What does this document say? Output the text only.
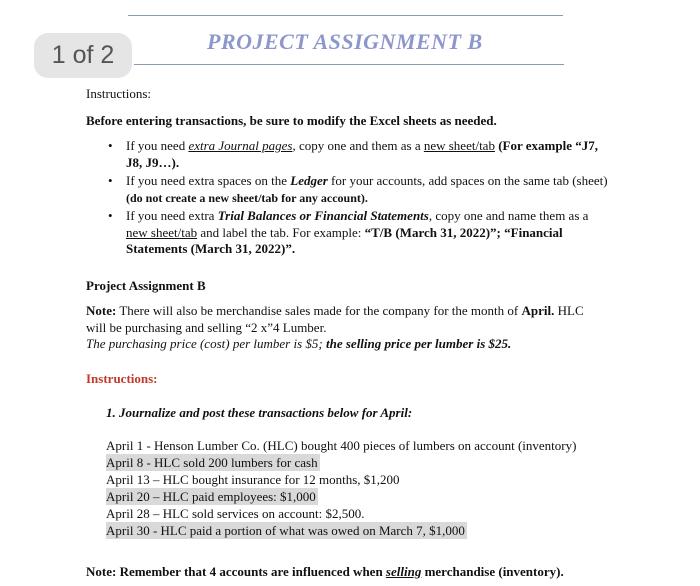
1 of 2	PROJECT ASSIGNMENT B
Instructions:
Before entering transactions, be sure to modify the Excel sheets as needed.
• If you need extra Journal pages, copy one and them as a new sheet/tab (For example “J7, J8, J9…).
• If you need extra spaces on the Ledger for your accounts, add spaces on the same tab (sheet) (do not create a new sheet/tab for any account).
• If you need extra Trial Balances or Financial Statements, copy one and name them as a new sheet/tab and label the tab. For example: “T/B (March 31, 2022)”; “Financial Statements (March 31, 2022)”.
Project Assignment B
Note: There will also be merchandise sales made for the company for the month of April. HLC will be purchasing and selling “2 x”4 Lumber.
The purchasing price (cost) per lumber is $5; the selling price per lumber is $25.
Instructions:
1. Journalize and post these transactions below for April:
April 1 - Henson Lumber Co. (HLC) bought 400 pieces of lumbers on account (inventory)
April 8 - HLC sold 200 lumbers for cash
April 13 – HLC bought insurance for 12 months, $1,200
April 20 – HLC paid employees: $1,000
April 28 – HLC sold services on account: $2,500.
April 30 - HLC paid a portion of what was owed on March 7, $1,000
Note: Remember that 4 accounts are influenced when selling merchandise (inventory).
